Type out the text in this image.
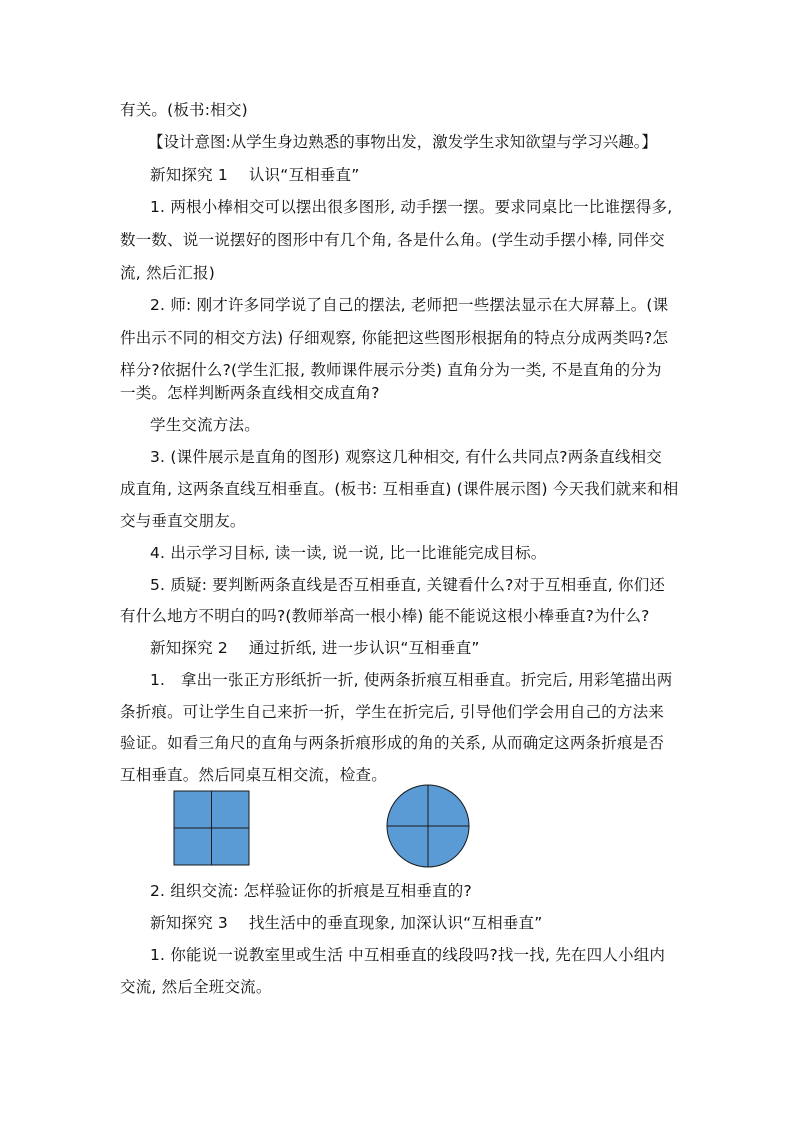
有关。(板书:相交)
【设计意图:从学生身边熟悉的事物出发，激发学生求知欲望与学习兴趣。】
新知探究 1　 认识“互相垂直”
1. 两根小棒相交可以摆出很多图形, 动手摆一摆。要求同桌比一比谁摆得多,
数一数、说一说摆好的图形中有几个角, 各是什么角。(学生动手摆小棒, 同伴交
流, 然后汇报)
2. 师: 刚才许多同学说了自己的摆法, 老师把一些摆法显示在大屏幕上。(课
件出示不同的相交方法) 仔细观察, 你能把这些图形根据角的特点分成两类吗?怎
样分?依据什么?(学生汇报, 教师课件展示分类) 直角分为一类, 不是直角的分为
一类。怎样判断两条直线相交成直角?
学生交流方法。
3. (课件展示是直角的图形) 观察这几种相交, 有什么共同点?两条直线相交
成直角, 这两条直线互相垂直。(板书: 互相垂直) (课件展示图) 今天我们就来和相
交与垂直交朋友。
4. 出示学习目标, 读一读, 说一说, 比一比谁能完成目标。
5. 质疑: 要判断两条直线是否互相垂直, 关键看什么?对于互相垂直, 你们还
有什么地方不明白的吗?(教师举高一根小棒) 能不能说这根小棒垂直?为什么?
新知探究 2　 通过折纸, 进一步认识“互相垂直”
1.　拿出一张正方形纸折一折, 使两条折痕互相垂直。折完后, 用彩笔描出两
条折痕。可让学生自己来折一折，学生在折完后, 引导他们学会用自己的方法来
验证。如看三角尺的直角与两条折痕形成的角的关系, 从而确定这两条折痕是否
互相垂直。然后同桌互相交流，检查。
2. 组织交流: 怎样验证你的折痕是互相垂直的?
新知探究 3　 找生活中的垂直现象, 加深认识“互相垂直”
1. 你能说一说教室里或生活 中互相垂直的线段吗?找一找, 先在四人小组内
交流, 然后全班交流。
